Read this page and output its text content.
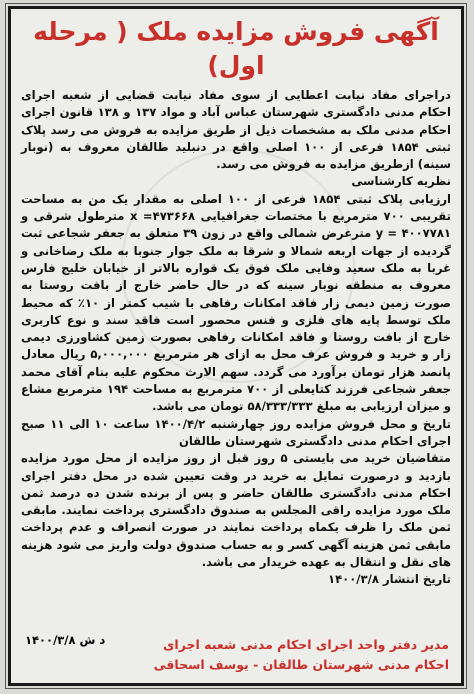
آگهی فروش مزایده ملک ( مرحله اول)

دراجرای مفاد نیابت اعطایی از سوی مفاد نیابت قضایی از شعبه اجرای احکام مدنی دادگستری شهرستان عباس آباد و مواد ۱۳۷ و ۱۳۸ قانون اجرای احکام مدنی ملک به مشخصات ذیل از طریق مزایده به فروش می رسد پلاک ثبتی ۱۸۵۴ فرعی از ۱۰۰ اصلی واقع در دنبلید طالقان معروف به (نوبار سینه) ازطریق مزایده به فروش می رسد.

نظریه کارشناسی

ارزیابی پلاک ثبتی ۱۸۵۴ فرعی از ۱۰۰ اصلی به مقدار یک من به مساحت تقریبی ۷۰۰ مترمربع با مختصات جغرافیایی ۴۷۳۶۶۸= x مترطول شرقی و ۴۰۰۷۷۸۱ = y مترعرض شمالی واقع در زون ۳۹ متعلق به جعفر شجاعی ثبت گردیده از جهات اربعه شمالا و شرقا به ملک جوار جنوبا به ملک رضاخانی و غربا به ملک سعید وفایی ملک فوق یک قواره بالاتر از خیابان خلیج فارس معروف به منطقه نوبار سینه که در حال حاضر خارج از بافت روستا به صورت زمین دیمی زار فاقد امکانات رفاهی با شیب کمتر از ۱۰٪ که محیط ملک توسط پایه های فلزی و فنس محصور است فاقد سند و نوع کاربری خارج از بافت روستا و فاقد امکانات رفاهی بصورت زمین کشاورزی دیمی زار و خرید و فروش عرف محل به ازای هر مترمربع ۵,۰۰۰,۰۰۰ ریال معادل پانصد هزار تومان برآورد می گردد. سهم الارث محکوم علیه بنام آقای محمد جعفر شجاعی فرزند کتایعلی از ۷۰۰ مترمربع به مساحت ۱۹۴ مترمربع مشاع و میزان ارزیابی به مبلغ ۵۸/۳۳۳/۳۳۳ تومان می باشد.

تاریخ و محل فروش مزایده روز چهارشنبه ۱۴۰۰/۴/۲ ساعت ۱۰ الی ۱۱ صبح اجرای احکام مدنی دادگستری شهرستان طالقان

متقاضیان خرید می بایستی ۵ روز قبل از روز مزایده از محل مورد مزایده بازدید و درصورت تمایل به خرید در وقت تعیین شده در محل دفتر اجرای احکام مدنی دادگستری طالقان حاضر و پس از برنده شدن ده درصد ثمن ملک مورد مزایده راقی المجلس به صندوق دادگستری پرداخت نمایند. مابقی ثمن ملک را ظرف یکماه پرداخت نمایند در صورت انصراف و عدم پرداخت مابقی ثمن هزینه آگهی کسر و به حساب صندوق دولت واریز می شود هزینه های نقل و انتقال به عهده خریدار می باشد.

تاریخ انتشار ۱۴۰۰/۳/۸

مدیر دفتر واحد اجرای احکام مدنی شعبه اجرای
احکام مدنی شهرستان طالقان - یوسف اسحاقی
د ش ۱۴۰۰/۳/۸
